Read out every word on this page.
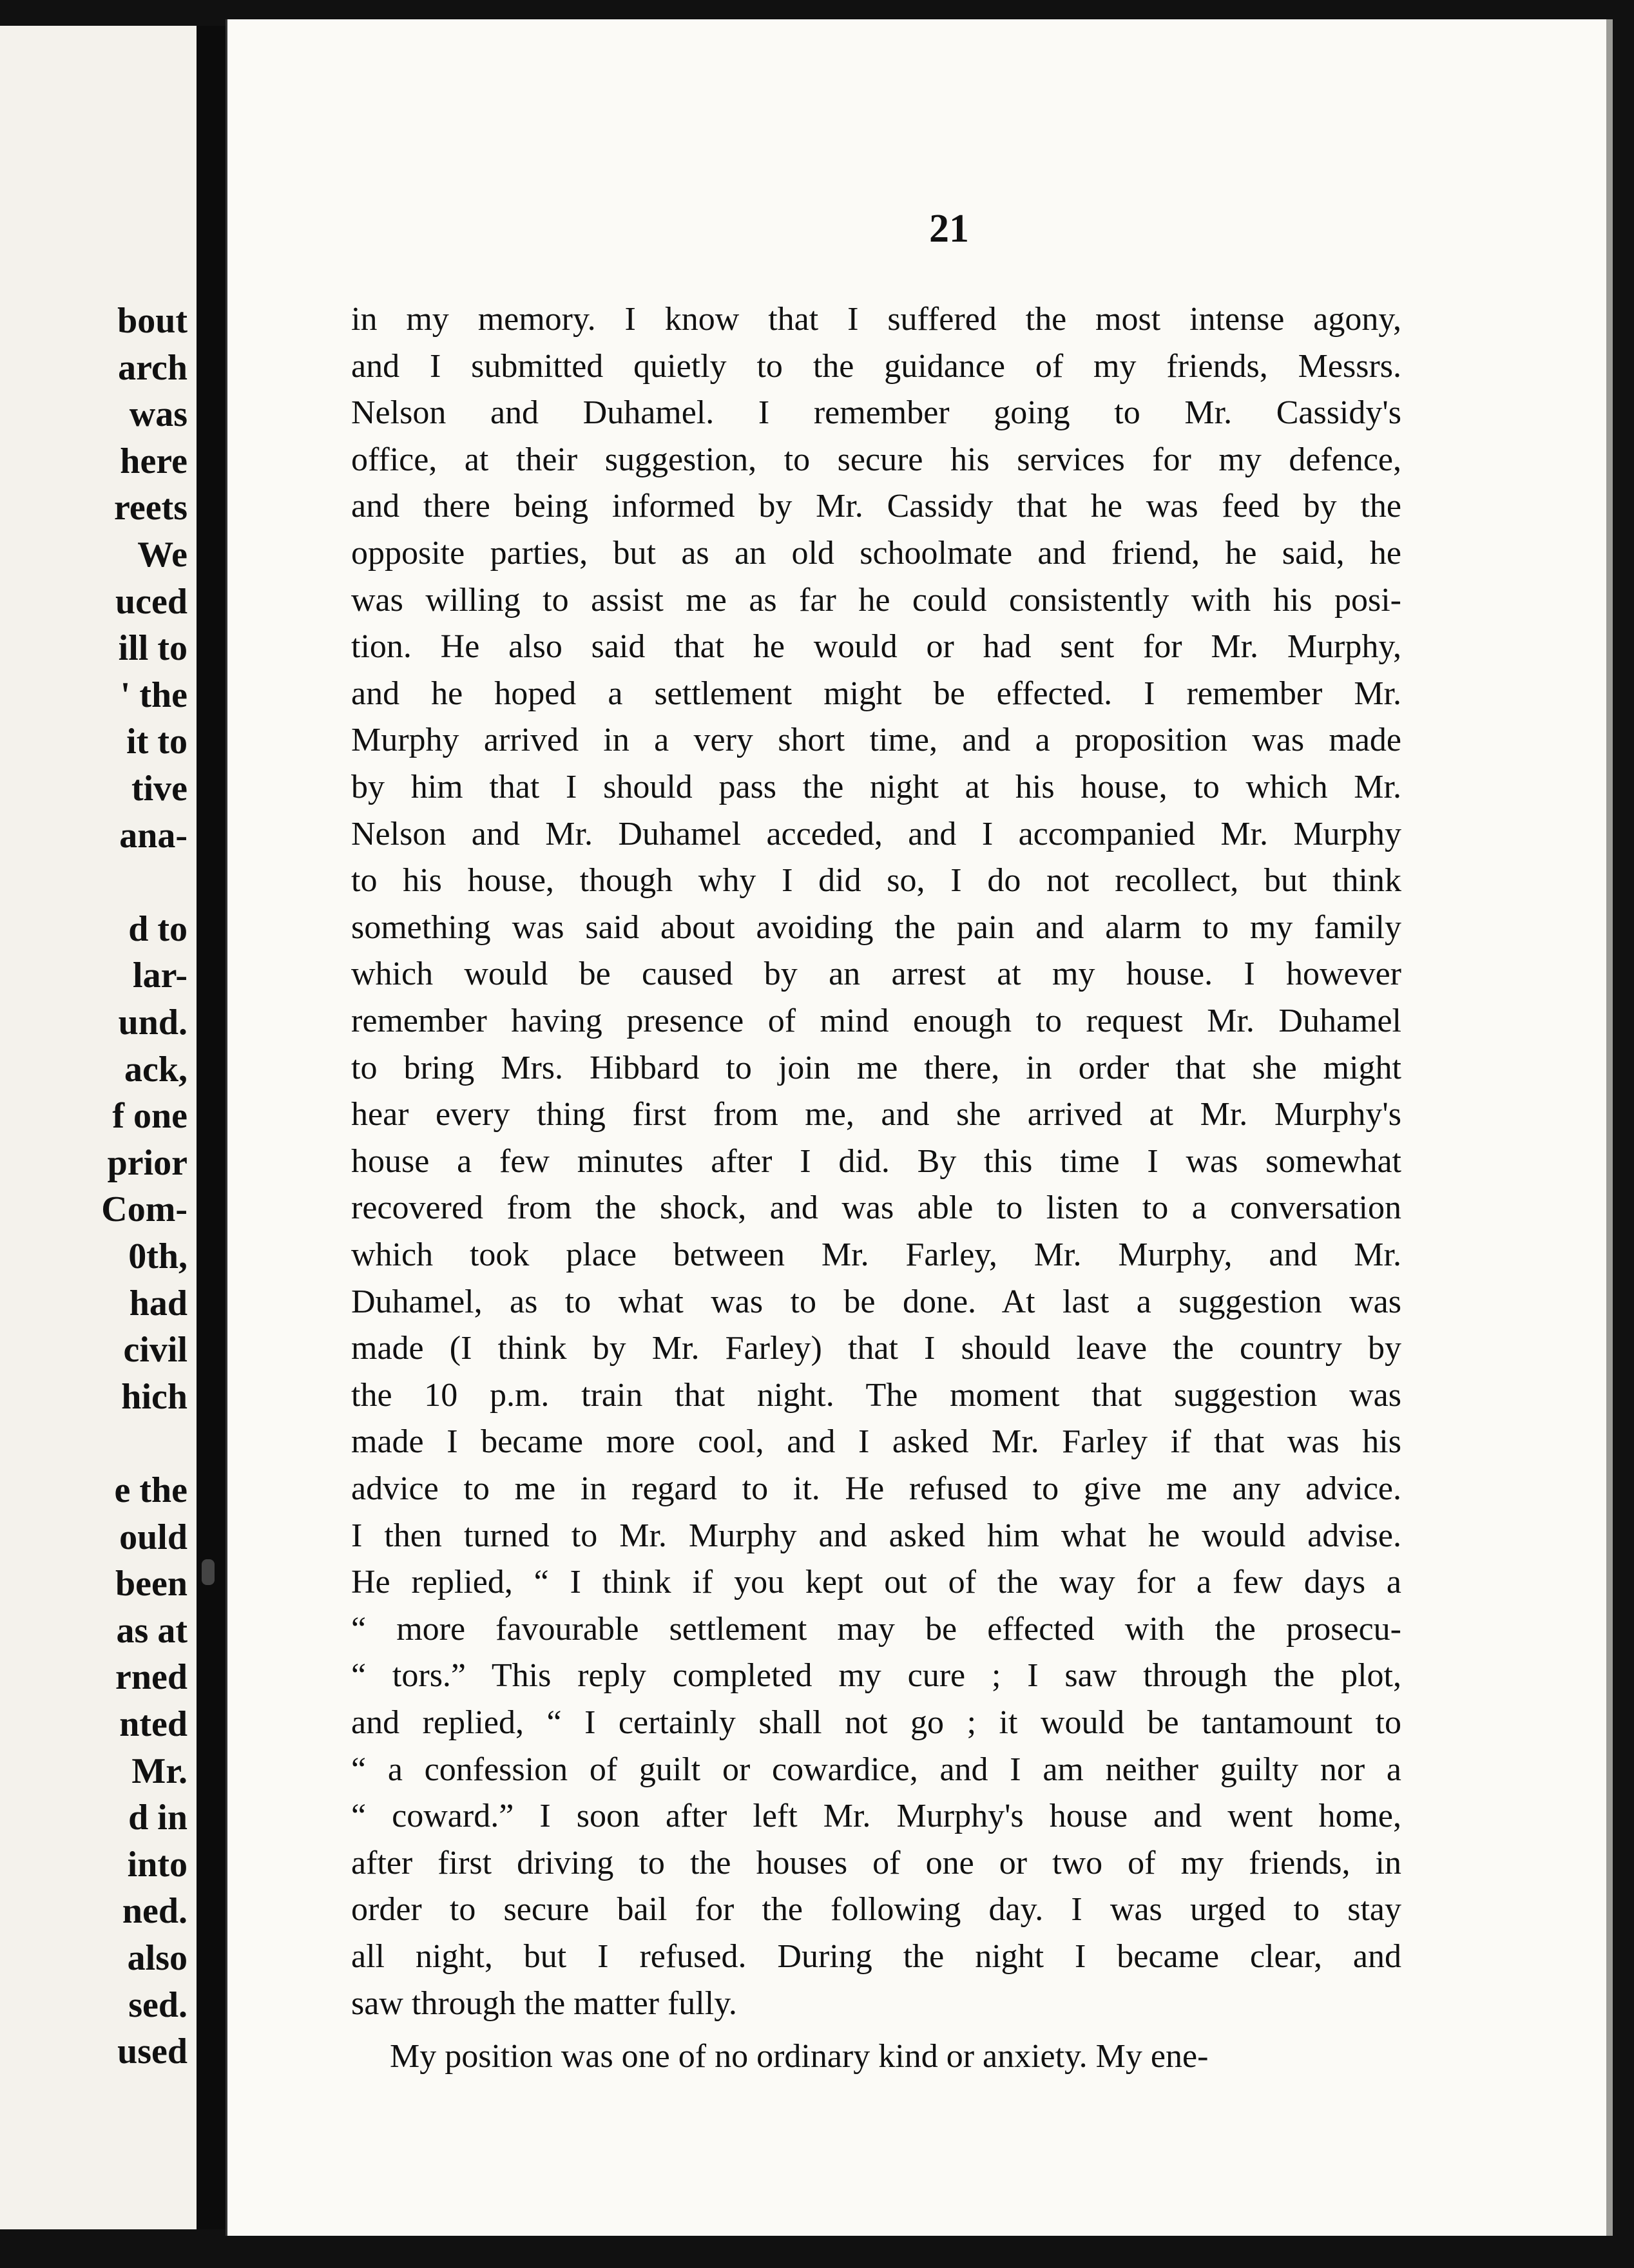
bout
arch
was
here
reets
We
uced
ill to
' the
it to
tive
ana-
d to
lar-
und.
ack,
f one
prior
Com-
0th,
had
civil
hich
e the
ould
been
as at
rned
nted
Mr.
d in
into
ned.
also
sed.
used
21
in my memory. I know that I suffered the most intense agony,
and I submitted quietly to the guidance of my friends, Messrs.
Nelson and Duhamel. I remember going to Mr. Cassidy's
office, at their suggestion, to secure his services for my defence,
and there being informed by Mr. Cassidy that he was feed by the
opposite parties, but as an old schoolmate and friend, he said, he
was willing to assist me as far he could consistently with his posi-
tion. He also said that he would or had sent for Mr. Murphy,
and he hoped a settlement might be effected. I remember Mr.
Murphy arrived in a very short time, and a proposition was made
by him that I should pass the night at his house, to which Mr.
Nelson and Mr. Duhamel acceded, and I accompanied Mr. Murphy
to his house, though why I did so, I do not recollect, but think
something was said about avoiding the pain and alarm to my family
which would be caused by an arrest at my house. I however
remember having presence of mind enough to request Mr. Duhamel
to bring Mrs. Hibbard to join me there, in order that she might
hear every thing first from me, and she arrived at Mr. Murphy's
house a few minutes after I did. By this time I was somewhat
recovered from the shock, and was able to listen to a conversation
which took place between Mr. Farley, Mr. Murphy, and Mr.
Duhamel, as to what was to be done. At last a suggestion was
made (I think by Mr. Farley) that I should leave the country by
the 10 p.m. train that night. The moment that suggestion was
made I became more cool, and I asked Mr. Farley if that was his
advice to me in regard to it. He refused to give me any advice.
I then turned to Mr. Murphy and asked him what he would advise.
He replied, “ I think if you kept out of the way for a few days a
“ more favourable settlement may be effected with the prosecu-
“ tors.” This reply completed my cure ; I saw through the plot,
and replied, “ I certainly shall not go ; it would be tantamount to
“ a confession of guilt or cowardice, and I am neither guilty nor a
“ coward.” I soon after left Mr. Murphy's house and went home,
after first driving to the houses of one or two of my friends, in
order to secure bail for the following day. I was urged to stay
all night, but I refused. During the night I became clear, and
saw through the matter fully.
My position was one of no ordinary kind or anxiety. My ene-
